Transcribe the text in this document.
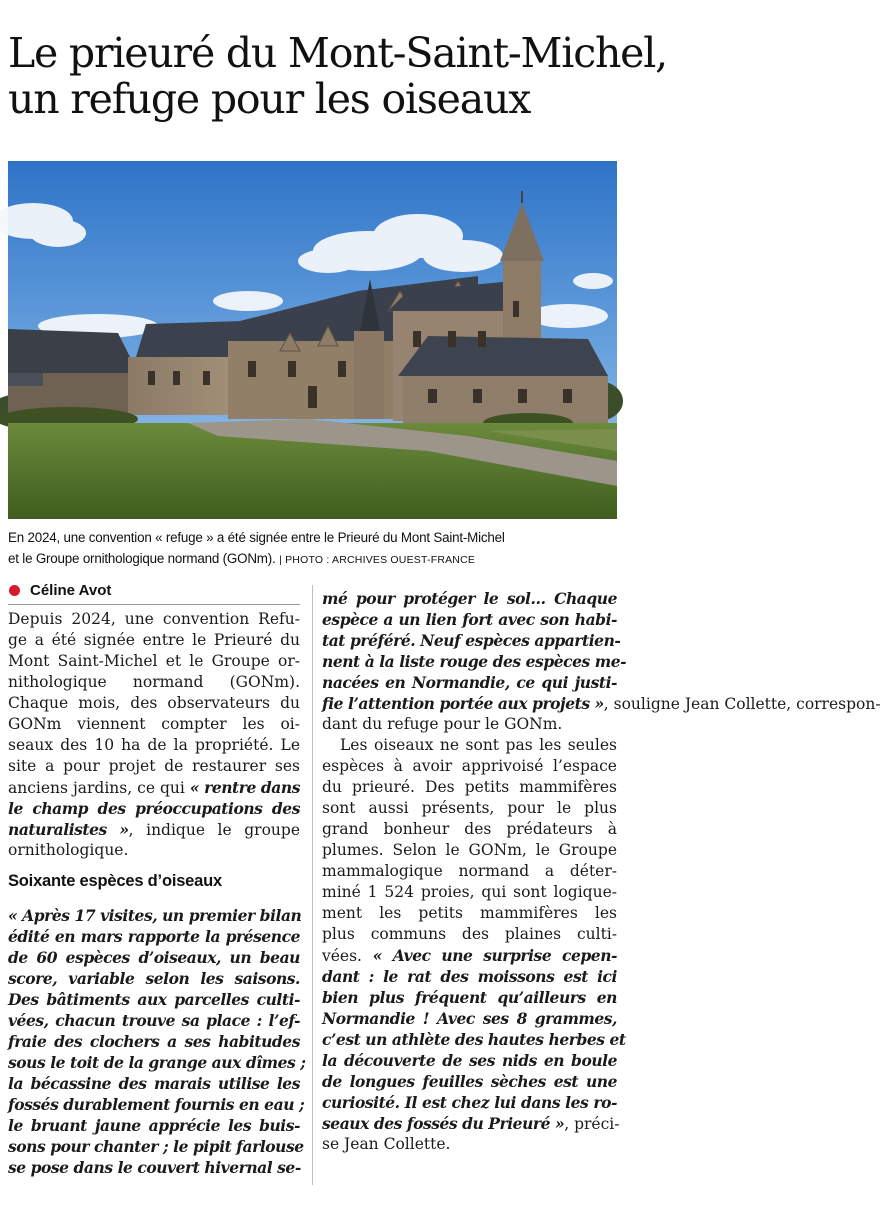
Le prieuré du Mont-Saint-Michel,
un refuge pour les oiseaux
En 2024, une convention « refuge » a été signée entre le Prieuré du Mont Saint-Michel
et le Groupe ornithologique normand (GONm). | PHOTO : ARCHIVES OUEST-FRANCE
Céline Avot
Depuis 2024, une convention Refu-
ge a été signée entre le Prieuré du
Mont Saint-Michel et le Groupe or-
nithologique normand (GONm).
Chaque mois, des observateurs du
GONm viennent compter les oi-
seaux des 10 ha de la propriété. Le
site a pour projet de restaurer ses
anciens jardins, ce qui « rentre dans
le champ des préoccupations des
naturalistes », indique le groupe
ornithologique.
Soixante espèces d’oiseaux
« Après 17 visites, un premier bilan
édité en mars rapporte la présence
de 60 espèces d’oiseaux, un beau
score, variable selon les saisons.
Des bâtiments aux parcelles culti-
vées, chacun trouve sa place : l’ef-
fraie des clochers a ses habitudes
sous le toit de la grange aux dîmes ;
la bécassine des marais utilise les
fossés durablement fournis en eau ;
le bruant jaune apprécie les buis-
sons pour chanter ; le pipit farlouse
se pose dans le couvert hivernal se-
mé pour protéger le sol… Chaque
espèce a un lien fort avec son habi-
tat préféré. Neuf espèces appartien-
nent à la liste rouge des espèces me-
nacées en Normandie, ce qui justi-
fie l’attention portée aux projets », souligne Jean Collette, correspon-
dant du refuge pour le GONm.
Les oiseaux ne sont pas les seules
espèces à avoir apprivoisé l’espace
du prieuré. Des petits mammifères
sont aussi présents, pour le plus
grand bonheur des prédateurs à
plumes. Selon le GONm, le Groupe
mammalogique normand a déter-
miné 1 524 proies, qui sont logique-
ment les petits mammifères les
plus communs des plaines culti-
vées. « Avec une surprise cepen-
dant : le rat des moissons est ici
bien plus fréquent qu’ailleurs en
Normandie ! Avec ses 8 grammes,
c’est un athlète des hautes herbes et
la découverte de ses nids en boule
de longues feuilles sèches est une
curiosité. Il est chez lui dans les ro-
seaux des fossés du Prieuré », préci-
se Jean Collette.
